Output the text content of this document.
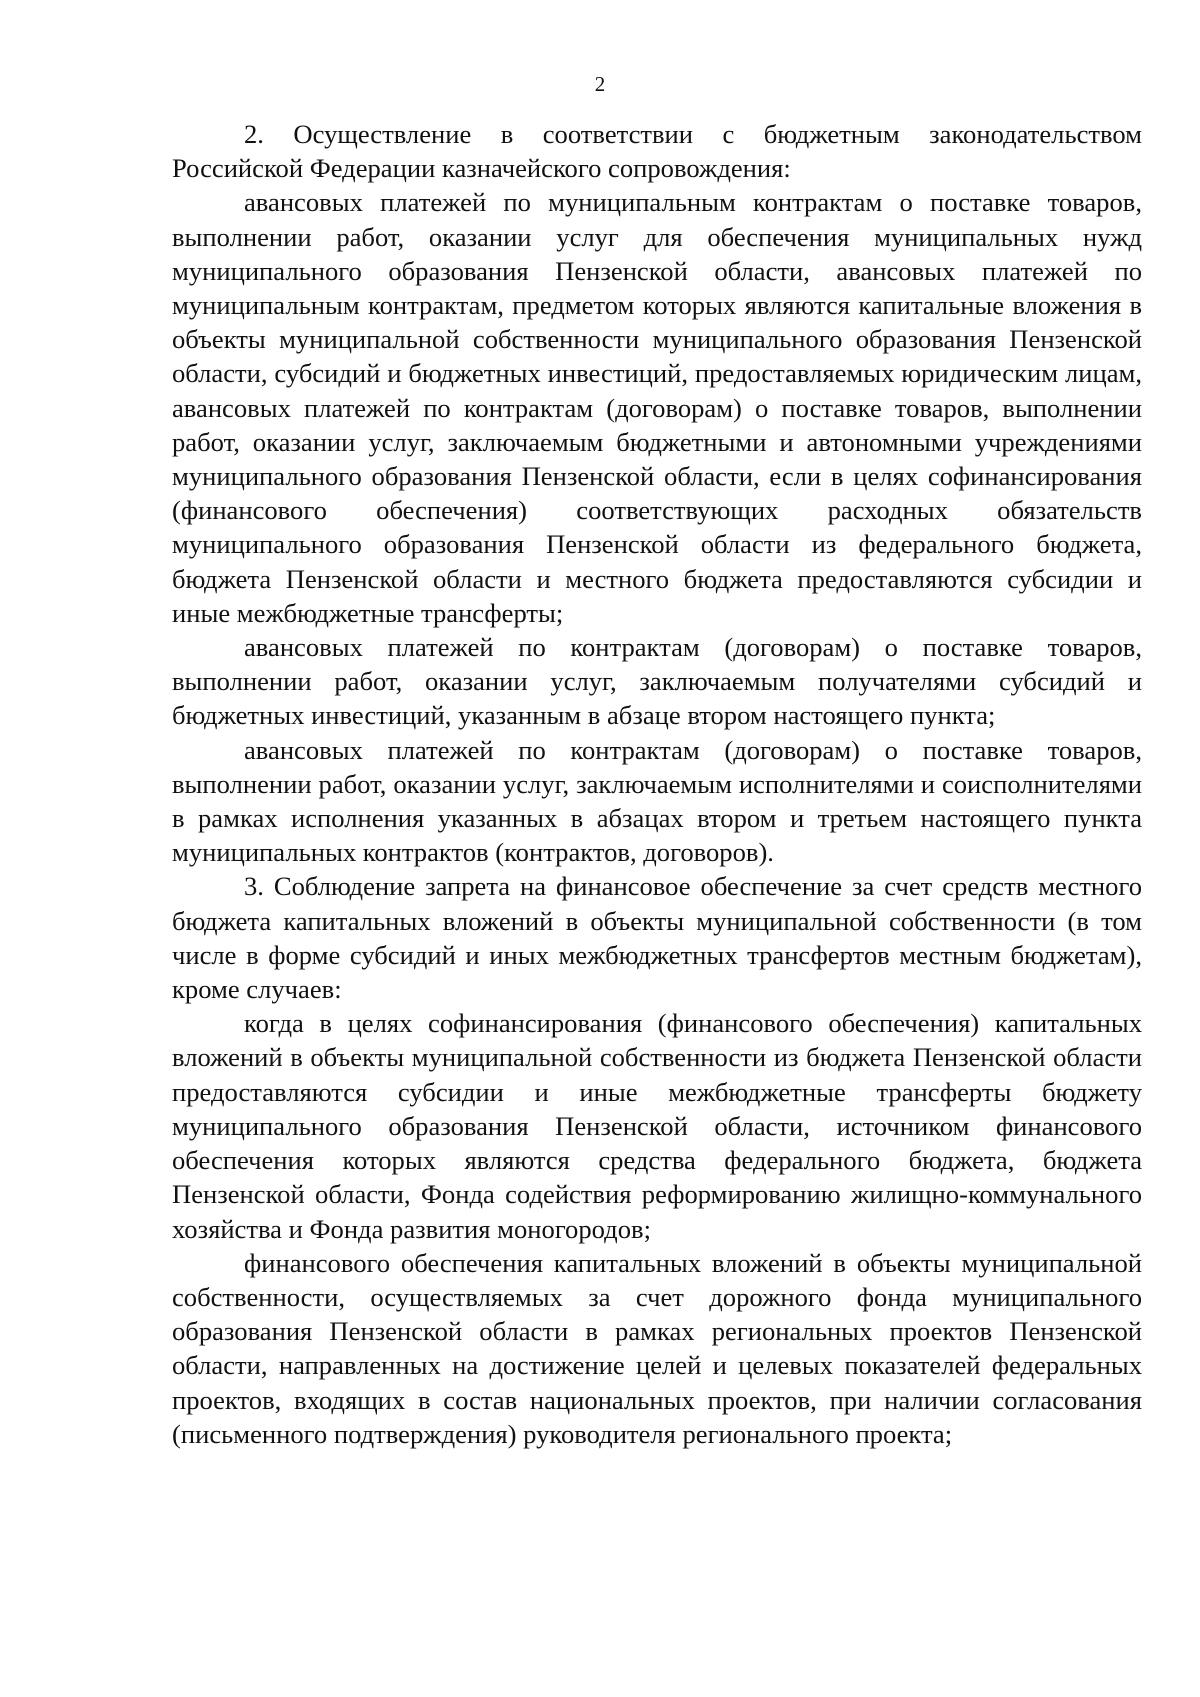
2

2. Осуществление в соответствии с бюджетным законодательством Российской Федерации казначейского сопровождения:

авансовых платежей по муниципальным контрактам о поставке товаров, выполнении работ, оказании услуг для обеспечения муниципальных нужд муниципального образования Пензенской области, авансовых платежей по муниципальным контрактам, предметом которых являются капитальные вложения в объекты муниципальной собственности муниципального образования Пензенской области, субсидий и бюджетных инвестиций, предоставляемых юридическим лицам, авансовых платежей по контрактам (договорам) о поставке товаров, выполнении работ, оказании услуг, заключаемым бюджетными и автономными учреждениями муниципального образования Пензенской области, если в целях софинансирования (финансового обеспечения) соответствующих расходных обязательств муниципального образования Пензенской области из федерального бюджета, бюджета Пензенской области и местного бюджета предоставляются субсидии и иные межбюджетные трансферты;

авансовых платежей по контрактам (договорам) о поставке товаров, выполнении работ, оказании услуг, заключаемым получателями субсидий и бюджетных инвестиций, указанным в абзаце втором настоящего пункта;

авансовых платежей по контрактам (договорам) о поставке товаров, выполнении работ, оказании услуг, заключаемым исполнителями и соисполнителями в рамках исполнения указанных в абзацах втором и третьем настоящего пункта муниципальных контрактов (контрактов, договоров).

3. Соблюдение запрета на финансовое обеспечение за счет средств местного бюджета капитальных вложений в объекты муниципальной собственности (в том числе в форме субсидий и иных межбюджетных трансфертов местным бюджетам), кроме случаев:

когда в целях софинансирования (финансового обеспечения) капитальных вложений в объекты муниципальной собственности из бюджета Пензенской области предоставляются субсидии и иные межбюджетные трансферты бюджету муниципального образования Пензенской области, источником финансового обеспечения которых являются средства федерального бюджета, бюджета Пензенской области, Фонда содействия реформированию жилищно-коммунального хозяйства и Фонда развития моногородов;

финансового обеспечения капитальных вложений в объекты муниципальной собственности, осуществляемых за счет дорожного фонда муниципального образования Пензенской области в рамках региональных проектов Пензенской области, направленных на достижение целей и целевых показателей федеральных проектов, входящих в состав национальных проектов, при наличии согласования (письменного подтверждения) руководителя регионального проекта;
